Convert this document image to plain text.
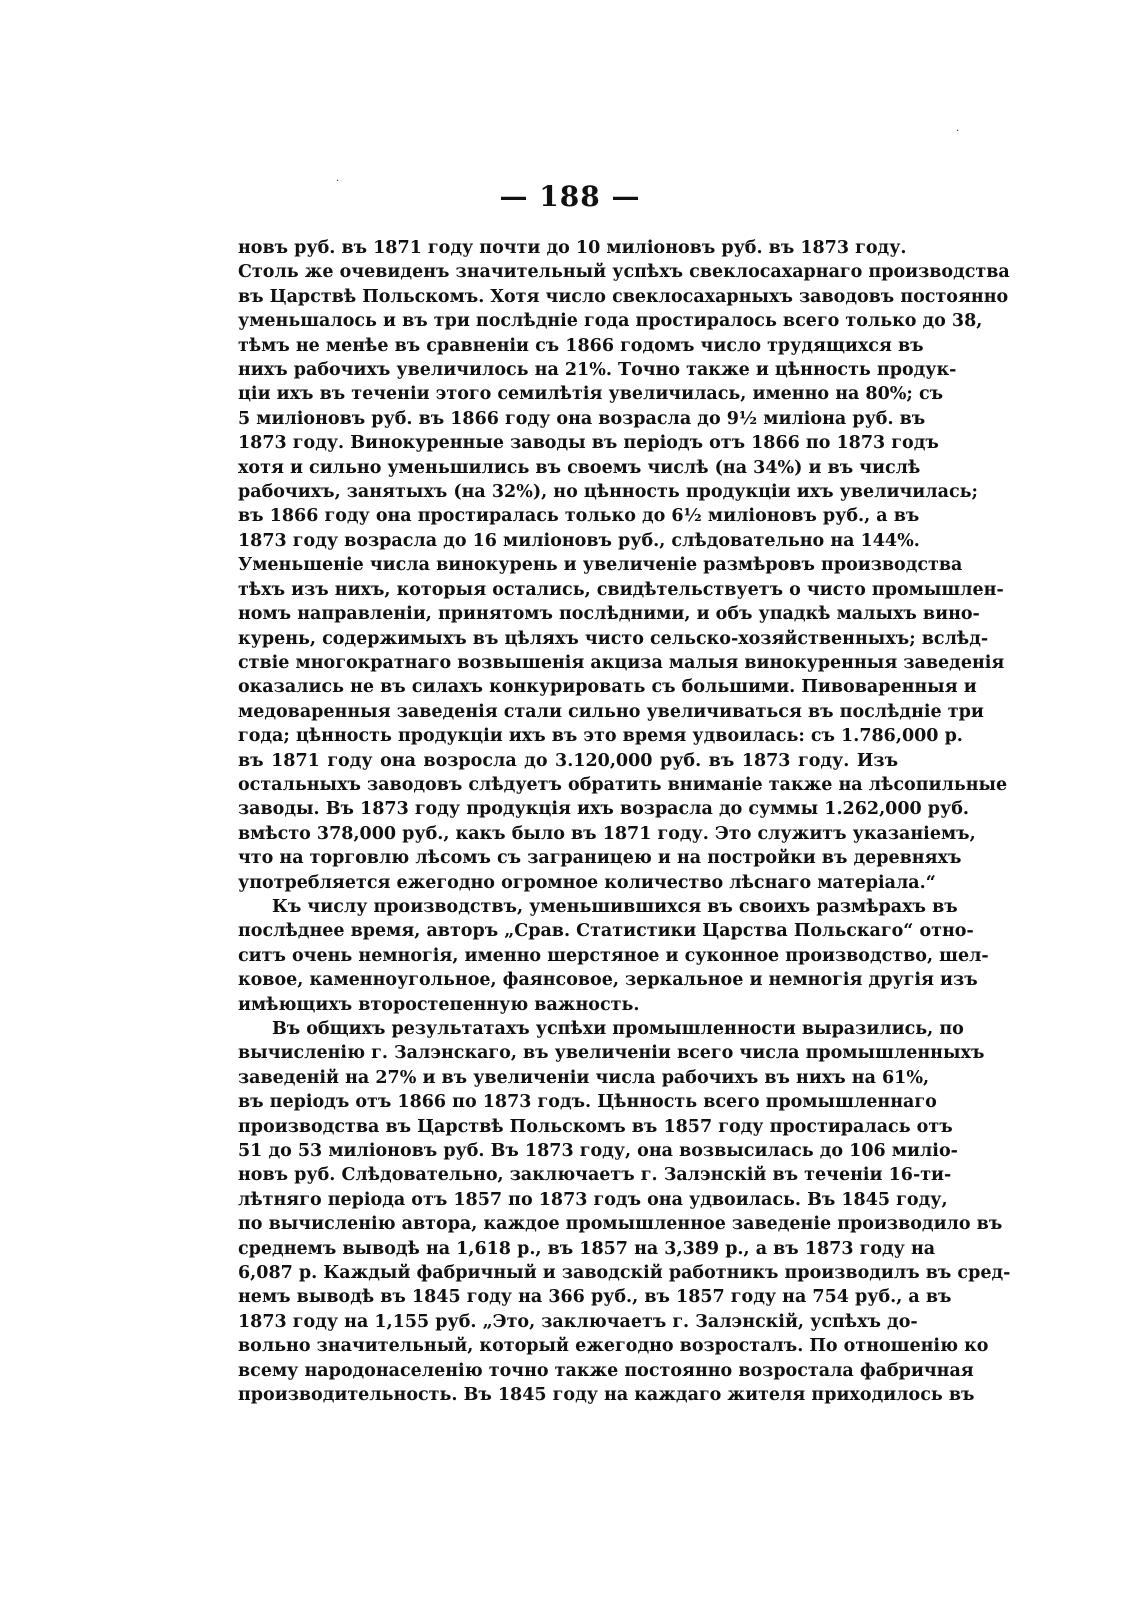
·
·	— 188 —

новъ руб. въ 1871 году почти до 10 миліоновъ руб. въ 1873 году.
Столь же очевиденъ значительный успѣхъ свеклосахарнаго производства
въ Царствѣ Польскомъ. Хотя число свеклосахарныхъ заводовъ постоянно
уменьшалось и въ три послѣдніе года простиралось всего только до 38,
тѣмъ не менѣе въ сравненіи съ 1866 годомъ число трудящихся въ
нихъ рабочихъ увеличилось на 21%. Точно также и цѣнность продук-
ціи ихъ въ теченіи этого семилѣтія увеличилась, именно на 80%; съ
5 миліоновъ руб. въ 1866 году она возрасла до 9½ миліона руб. въ
1873 году. Винокуренные заводы въ періодъ отъ 1866 по 1873 годъ
хотя и сильно уменьшились въ своемъ числѣ (на 34%) и въ числѣ
рабочихъ, занятыхъ (на 32%), но цѣнность продукціи ихъ увеличилась;
въ 1866 году она простиралась только до 6½ миліоновъ руб., а въ
1873 году возрасла до 16 миліоновъ руб., слѣдовательно на 144%.
Уменьшеніе числа винокурень и увеличеніе размѣровъ производства
тѣхъ изъ нихъ, которыя остались, свидѣтельствуетъ о чисто промышлен-
номъ направленіи, принятомъ послѣдними, и объ упадкѣ малыхъ вино-
курень, содержимыхъ въ цѣляхъ чисто сельско-хозяйственныхъ; вслѣд-
ствіе многократнаго возвышенія акциза малыя винокуренныя заведенія
оказались не въ силахъ конкурировать съ большими. Пивоваренныя и
медоваренныя заведенія стали сильно увеличиваться въ послѣдніе три
года; цѣнность продукціи ихъ въ это время удвоилась: съ 1.786,000 р.
въ 1871 году она возросла до 3.120,000 руб. въ 1873 году. Изъ
остальныхъ заводовъ слѣдуетъ обратить вниманіе также на лѣсопильные
заводы. Въ 1873 году продукція ихъ возрасла до суммы 1.262,000 руб.
вмѣсто 378,000 руб., какъ было въ 1871 году. Это служитъ указаніемъ,
что на торговлю лѣсомъ съ заграницею и на постройки въ деревняхъ
употребляется ежегодно огромное количество лѣснаго матеріала.“

Къ числу производствъ, уменьшившихся въ своихъ размѣрахъ въ
послѣднее время, авторъ „Срав. Статистики Царства Польскаго“ отно-
ситъ очень немногія, именно шерстяное и суконное производство, шел-
ковое, каменноугольное, фаянсовое, зеркальное и немногія другія изъ
имѣющихъ второстепенную важность.

Въ общихъ результатахъ успѣхи промышленности выразились, по
вычисленію г. Залэнскаго, въ увеличеніи всего числа промышленныхъ
заведеній на 27% и въ увеличеніи числа рабочихъ въ нихъ на 61%,
въ періодъ отъ 1866 по 1873 годъ. Цѣнность всего промышленнаго
производства въ Царствѣ Польскомъ въ 1857 году простиралась отъ
51 до 53 миліоновъ руб. Въ 1873 году, она возвысилась до 106 миліо-
новъ руб. Слѣдовательно, заключаетъ г. Залэнскій въ теченіи 16-ти-
лѣтняго періода отъ 1857 по 1873 годъ она удвоилась. Въ 1845 году,
по вычисленію автора, каждое промышленное заведеніе производило въ
среднемъ выводѣ на 1,618 р., въ 1857 на 3,389 р., а въ 1873 году на
6,087 р. Каждый фабричный и заводскій работникъ производилъ въ сред-
немъ выводѣ въ 1845 году на 366 руб., въ 1857 году на 754 руб., а въ
1873 году на 1,155 руб. „Это, заключаетъ г. Залэнскій, успѣхъ до-
вольно значительный, который ежегодно возросталъ. По отношенію ко
всему народонаселенію точно также постоянно возростала фабричная
производительность. Въ 1845 году на каждаго жителя приходилось въ
